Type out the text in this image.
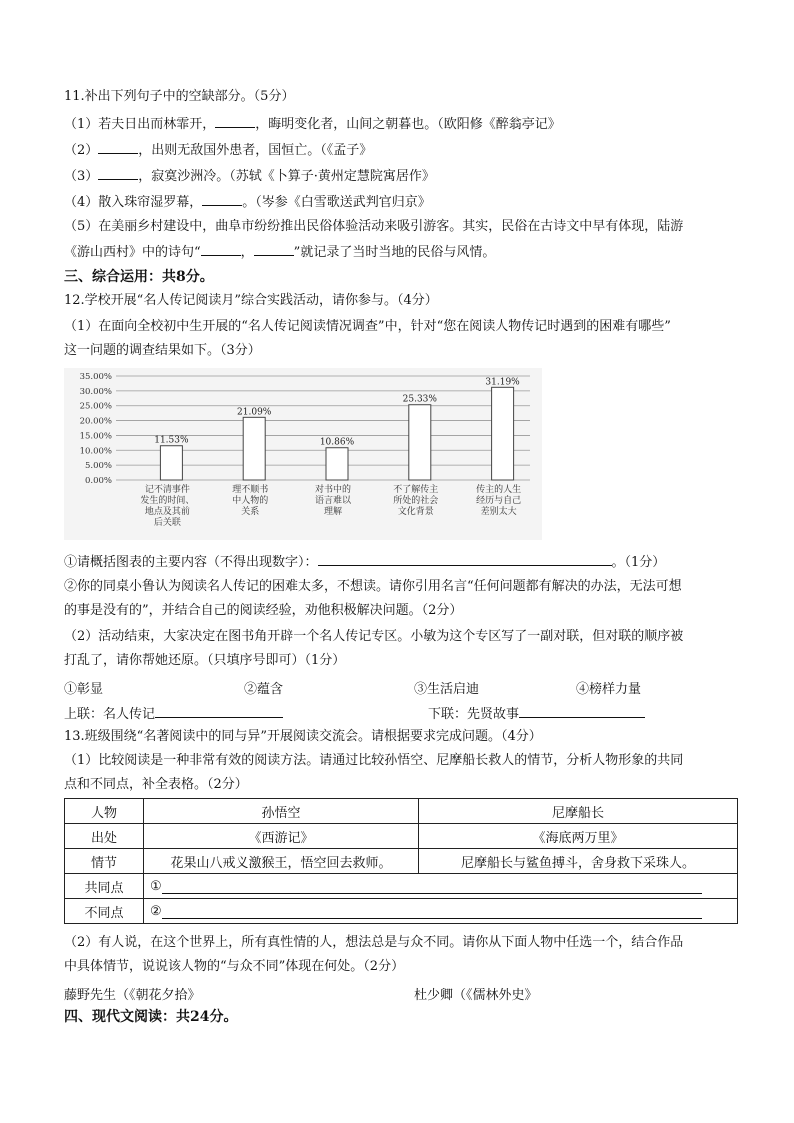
11.补出下列句子中的空缺部分。（5分）
（1）若夫日出而林霏开，	，晦明变化者，山间之朝暮也。（欧阳修《醉翁亭记》
（2）	，出则无敌国外患者，国恒亡。（《孟子》
（3）	，寂寞沙洲冷。（苏轼《卜算子·黄州定慧院寓居作》
（4）散入珠帘湿罗幕，	。（岑参《白雪歌送武判官归京》
（5）在美丽乡村建设中，曲阜市纷纷推出民俗体验活动来吸引游客。其实，民俗在古诗文中早有体现，陆游
《游山西村》中的诗句“	，	”就记录了当时当地的民俗与风情。
三、综合运用：共8分。
12.学校开展“名人传记阅读月”综合实践活动，请你参与。（4分）
（1）在面向全校初中生开展的“名人传记阅读情况调查”中，针对“您在阅读人物传记时遇到的困难有哪些”
这一问题的调查结果如下。（3分）
0.00%
5.00%
10.00%
15.00%
20.00%
25.00%
30.00%
35.00%
11.53%
记不清事件
发生的时间、
地点及其前
后关联
21.09%
理不顺书
中人物的
关系
10.86%
对书中的
语言难以
理解
25.33%
不了解传主
所处的社会
文化背景
31.19%
传主的人生
经历与自己
差别太大
①请概括图表的主要内容（不得出现数字）：	。（1分）
②你的同桌小鲁认为阅读名人传记的困难太多，不想读。请你引用名言“任何问题都有解决的办法，无法可想
的事是没有的”，并结合自己的阅读经验，劝他积极解决问题。（2分）
（2）活动结束，大家决定在图书角开辟一个名人传记专区。小敏为这个专区写了一副对联，但对联的顺序被
打乱了，请你帮她还原。（只填序号即可）（1分）
①彰显	②蕴含	③生活启迪	④榜样力量
上联：名人传记	下联：先贤故事
13.班级围绕“名著阅读中的同与异”开展阅读交流会。请根据要求完成问题。（4分）
（1）比较阅读是一种非常有效的阅读方法。请通过比较孙悟空、尼摩船长救人的情节，分析人物形象的共同
点和不同点，补全表格。（2分）
人物	孙悟空	尼摩船长
出处	《西游记》	《海底两万里》
情节	花果山八戒义激猴王，悟空回去救师。	尼摩船长与鲨鱼搏斗，舍身救下采珠人。
共同点	①	
不同点	②	
（2）有人说，在这个世界上，所有真性情的人，想法总是与众不同。请你从下面人物中任选一个，结合作品
中具体情节，说说该人物的“与众不同”体现在何处。（2分）
藤野先生（《朝花夕拾》	杜少卿（《儒林外史》
四、现代文阅读：共24分。
